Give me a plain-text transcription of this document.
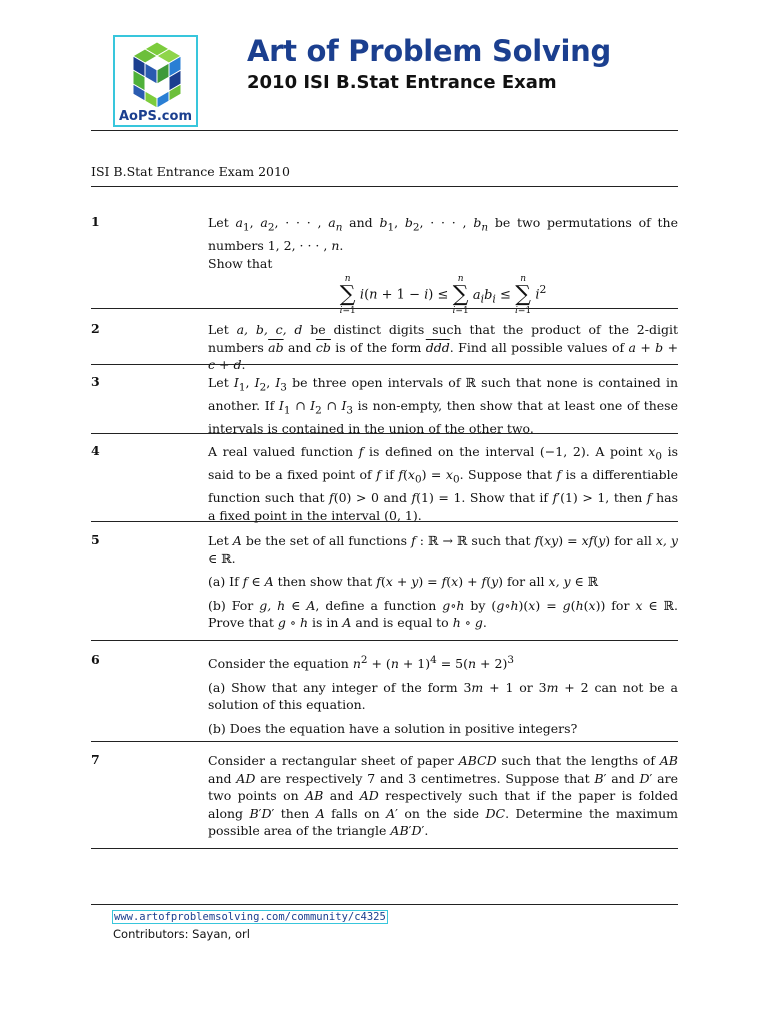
AoPS.com
Art of Problem Solving
2010 ISI B.Stat Entrance Exam
ISI B.Stat Entrance Exam 2010
1	Let $a_1$, $a_2$, · · · , $a_n$ and $b_1$, $b_2$, · · · , $b_n$ be two permutations of the numbers 1, 2, · · · , n.
Show that

n
∑
i=1 i(n + 1 − i) ≤ n
∑
i=1 $a_ib_i \le n$
∑
i=1 $i^2$
2	Let a, b, c, d be distinct digits such that the product of the 2-digit numbers $\overline{ab}$ and $\overline{cb}$ is of the form $\overline{ddd}$. Find all possible values of a + b + c + d.

3	Let $I_1$, $I_2$, $I_3$ be three open intervals of ℝ such that none is contained in another. If $I_1$ ∩ $I_2$ ∩ $I_3$ is non-empty, then show that at least one of these intervals is contained in the union of the other two.

4	A real valued function f is defined on the interval (−1, 2). A point $x_0$ is said to be a fixed point of f if $f(x_0) = x_0$. Suppose that f is a differentiable function such that f(0) > 0 and f(1) = 1. Show that if f′(1) > 1, then f has a fixed point in the interval (0, 1).

5	Let A be the set of all functions f : ℝ → ℝ such that f(xy) = xf(y) for all x, y ∈ ℝ.

(a) If f ∈ A then show that f(x + y) = f(x) + f(y) for all x, y ∈ ℝ

(b) For g, h ∈ A, define a function g∘h by (g∘h)(x) = g(h(x)) for x ∈ ℝ. Prove that g ∘ h is in A and is equal to h ∘ g.

6	Consider the equation $n^2 + (n + 1)^4 = 5(n + 2)^3$

(a) Show that any integer of the form 3m + 1 or 3m + 2 can not be a solution of this equation.

(b) Does the equation have a solution in positive integers?

7	Consider a rectangular sheet of paper ABCD such that the lengths of AB and AD are respectively 7 and 3 centimetres. Suppose that B′ and D′ are two points on AB and AD respectively such that if the paper is folded along B′D′ then A falls on A′ on the side DC. Determine the maximum possible area of the triangle AB′D′.

www.artofproblemsolving.com/community/c4325
Contributors: Sayan, orl
